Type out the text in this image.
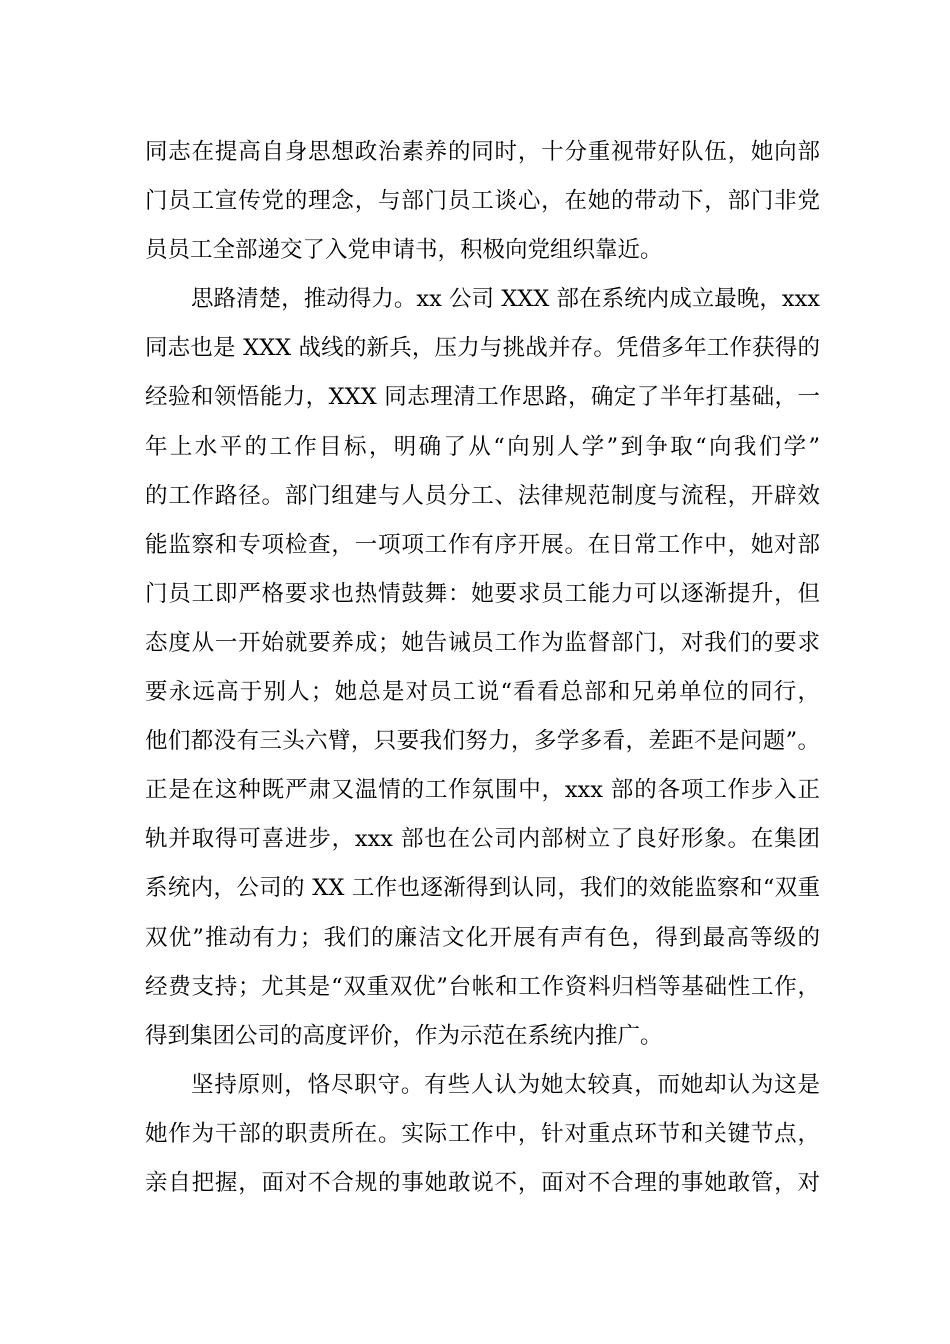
同志在提高自身思想政治素养的同时，十分重视带好队伍，她向部
门员工宣传党的理念，与部门员工谈心，在她的带动下，部门非党
员员工全部递交了入党申请书，积极向党组织靠近。
思路清楚，推动得力。xx 公司 XXX 部在系统内成立最晚，xxx
同志也是 XXX 战线的新兵，压力与挑战并存。凭借多年工作获得的
经验和领悟能力，XXX 同志理清工作思路，确定了半年打基础，一
年上水平的工作目标，明确了从“向别人学”到争取“向我们学”
的工作路径。部门组建与人员分工、法律规范制度与流程，开辟效
能监察和专项检查，一项项工作有序开展。在日常工作中，她对部
门员工即严格要求也热情鼓舞：她要求员工能力可以逐渐提升，但
态度从一开始就要养成；她告诫员工作为监督部门，对我们的要求
要永远高于别人；她总是对员工说“看看总部和兄弟单位的同行，
他们都没有三头六臂，只要我们努力，多学多看，差距不是问题”。
正是在这种既严肃又温情的工作氛围中，xxx 部的各项工作步入正
轨并取得可喜进步，xxx 部也在公司内部树立了良好形象。在集团
系统内，公司的 XX 工作也逐渐得到认同，我们的效能监察和“双重
双优”推动有力；我们的廉洁文化开展有声有色，得到最高等级的
经费支持；尤其是“双重双优”台帐和工作资料归档等基础性工作，
得到集团公司的高度评价，作为示范在系统内推广。
坚持原则，恪尽职守。有些人认为她太较真，而她却认为这是
她作为干部的职责所在。实际工作中，针对重点环节和关键节点，
亲自把握，面对不合规的事她敢说不，面对不合理的事她敢管，对
